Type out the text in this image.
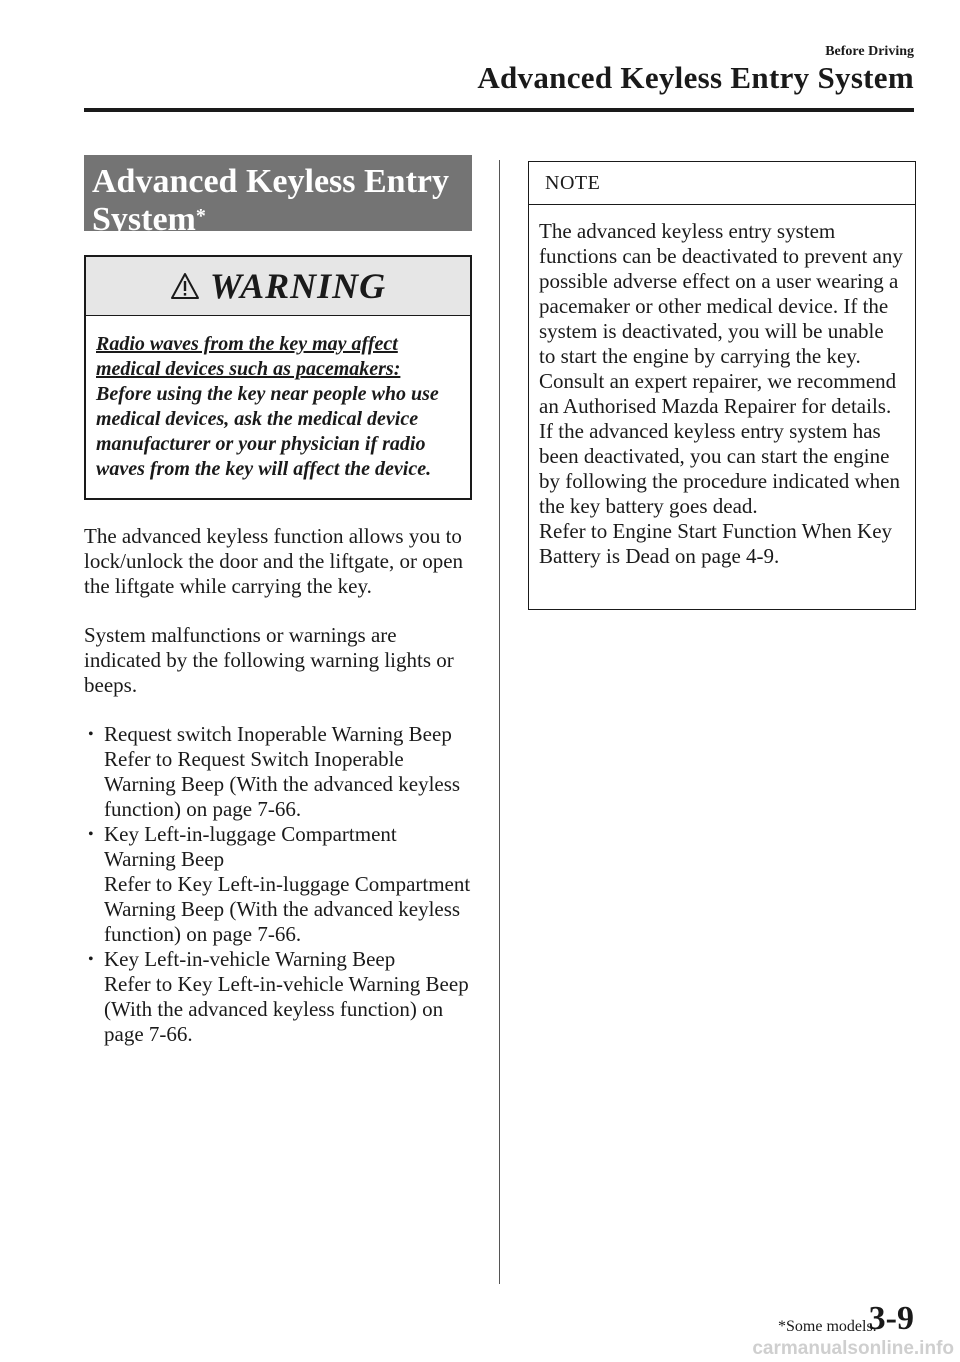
Before Driving
Advanced Keyless Entry System
Advanced Keyless Entry
System*
WARNING
Radio waves from the key may affect medical devices such as pacemakers: Before using the key near people who use medical devices, ask the medical device manufacturer or your physician if radio waves from the key will affect the device.

The advanced keyless function allows you to lock/unlock the door and the liftgate, or open the liftgate while carrying the key.

System malfunctions or warnings are indicated by the following warning lights or beeps.

• Request switch Inoperable Warning Beep
Refer to Request Switch Inoperable Warning Beep (With the advanced keyless function) on page 7-66.
• Key Left-in-luggage Compartment Warning Beep
Refer to Key Left-in-luggage Compartment Warning Beep (With the advanced keyless function) on page 7-66.
• Key Left-in-vehicle Warning Beep
Refer to Key Left-in-vehicle Warning Beep (With the advanced keyless function) on page 7-66.
NOTE
The advanced keyless entry system functions can be deactivated to prevent any possible adverse effect on a user wearing a pacemaker or other medical device. If the system is deactivated, you will be unable to start the engine by carrying the key. Consult an expert repairer, we recommend an Authorised Mazda Repairer for details. If the advanced keyless entry system has been deactivated, you can start the engine by following the procedure indicated when the key battery goes dead.
Refer to Engine Start Function When Key Battery is Dead on page 4-9.
*Some models.
3-9
carmanualsonline.info
